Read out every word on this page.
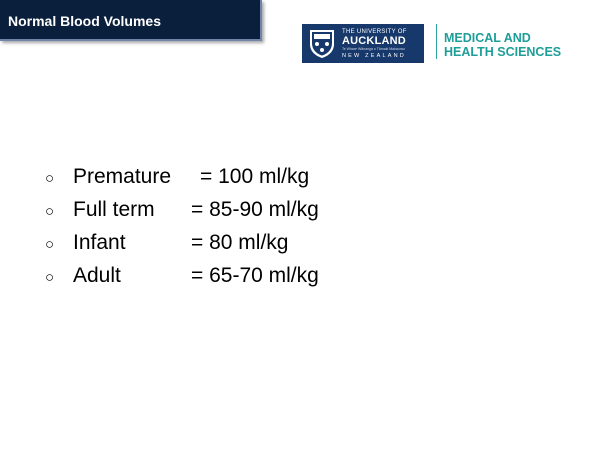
Normal Blood Volumes
THE UNIVERSITY OF
AUCKLAND
Te Whare Wānanga o Tāmaki Makaurau
NEW ZEALAND
MEDICAL AND
HEALTH SCIENCES
○ Premature = 100 ml/kg
○ Full term = 85-90 ml/kg
○ Infant	= 80 ml/kg
○ Adult	= 65-70 ml/kg
